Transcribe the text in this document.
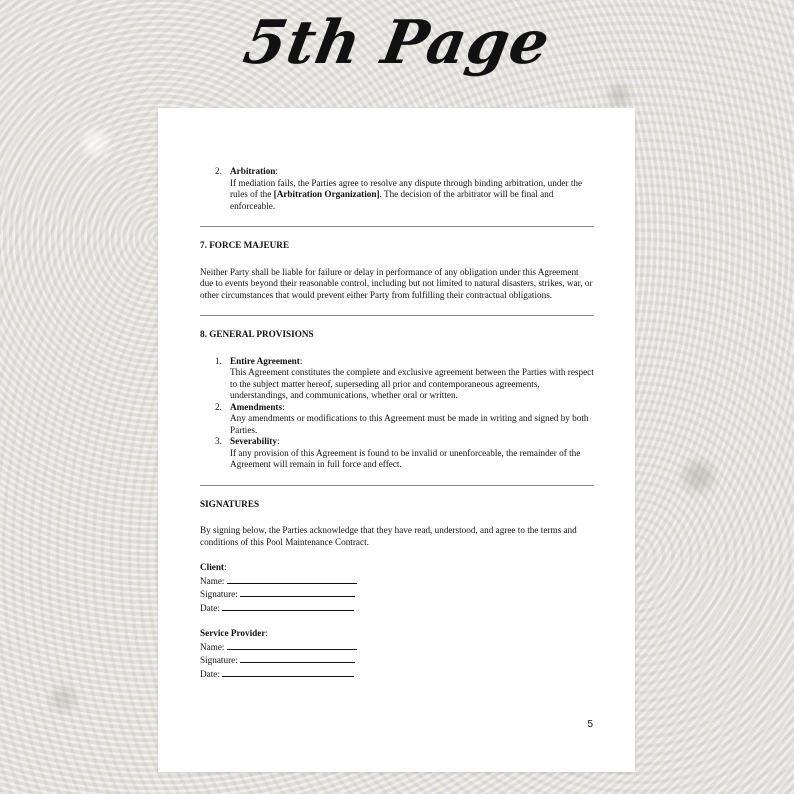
5th Page
2. Arbitration:
If mediation fails, the Parties agree to resolve any dispute through binding arbitration, under the rules of the [Arbitration Organization]. The decision of the arbitrator will be final and enforceable.

7. FORCE MAJEURE

Neither Party shall be liable for failure or delay in performance of any obligation under this Agreement due to events beyond their reasonable control, including but not limited to natural disasters, strikes, war, or other circumstances that would prevent either Party from fulfilling their contractual obligations.

8. GENERAL PROVISIONS

1. Entire Agreement:
This Agreement constitutes the complete and exclusive agreement between the Parties with respect to the subject matter hereof, superseding all prior and contemporaneous agreements, understandings, and communications, whether oral or written.
2. Amendments:
Any amendments or modifications to this Agreement must be made in writing and signed by both Parties.
3. Severability:
If any provision of this Agreement is found to be invalid or unenforceable, the remainder of the Agreement will remain in full force and effect.

SIGNATURES

By signing below, the Parties acknowledge that they have read, understood, and agree to the terms and conditions of this Pool Maintenance Contract.

Client:
Name:
Signature:
Date:
Service Provider:
Name:
Signature:
Date:
5
